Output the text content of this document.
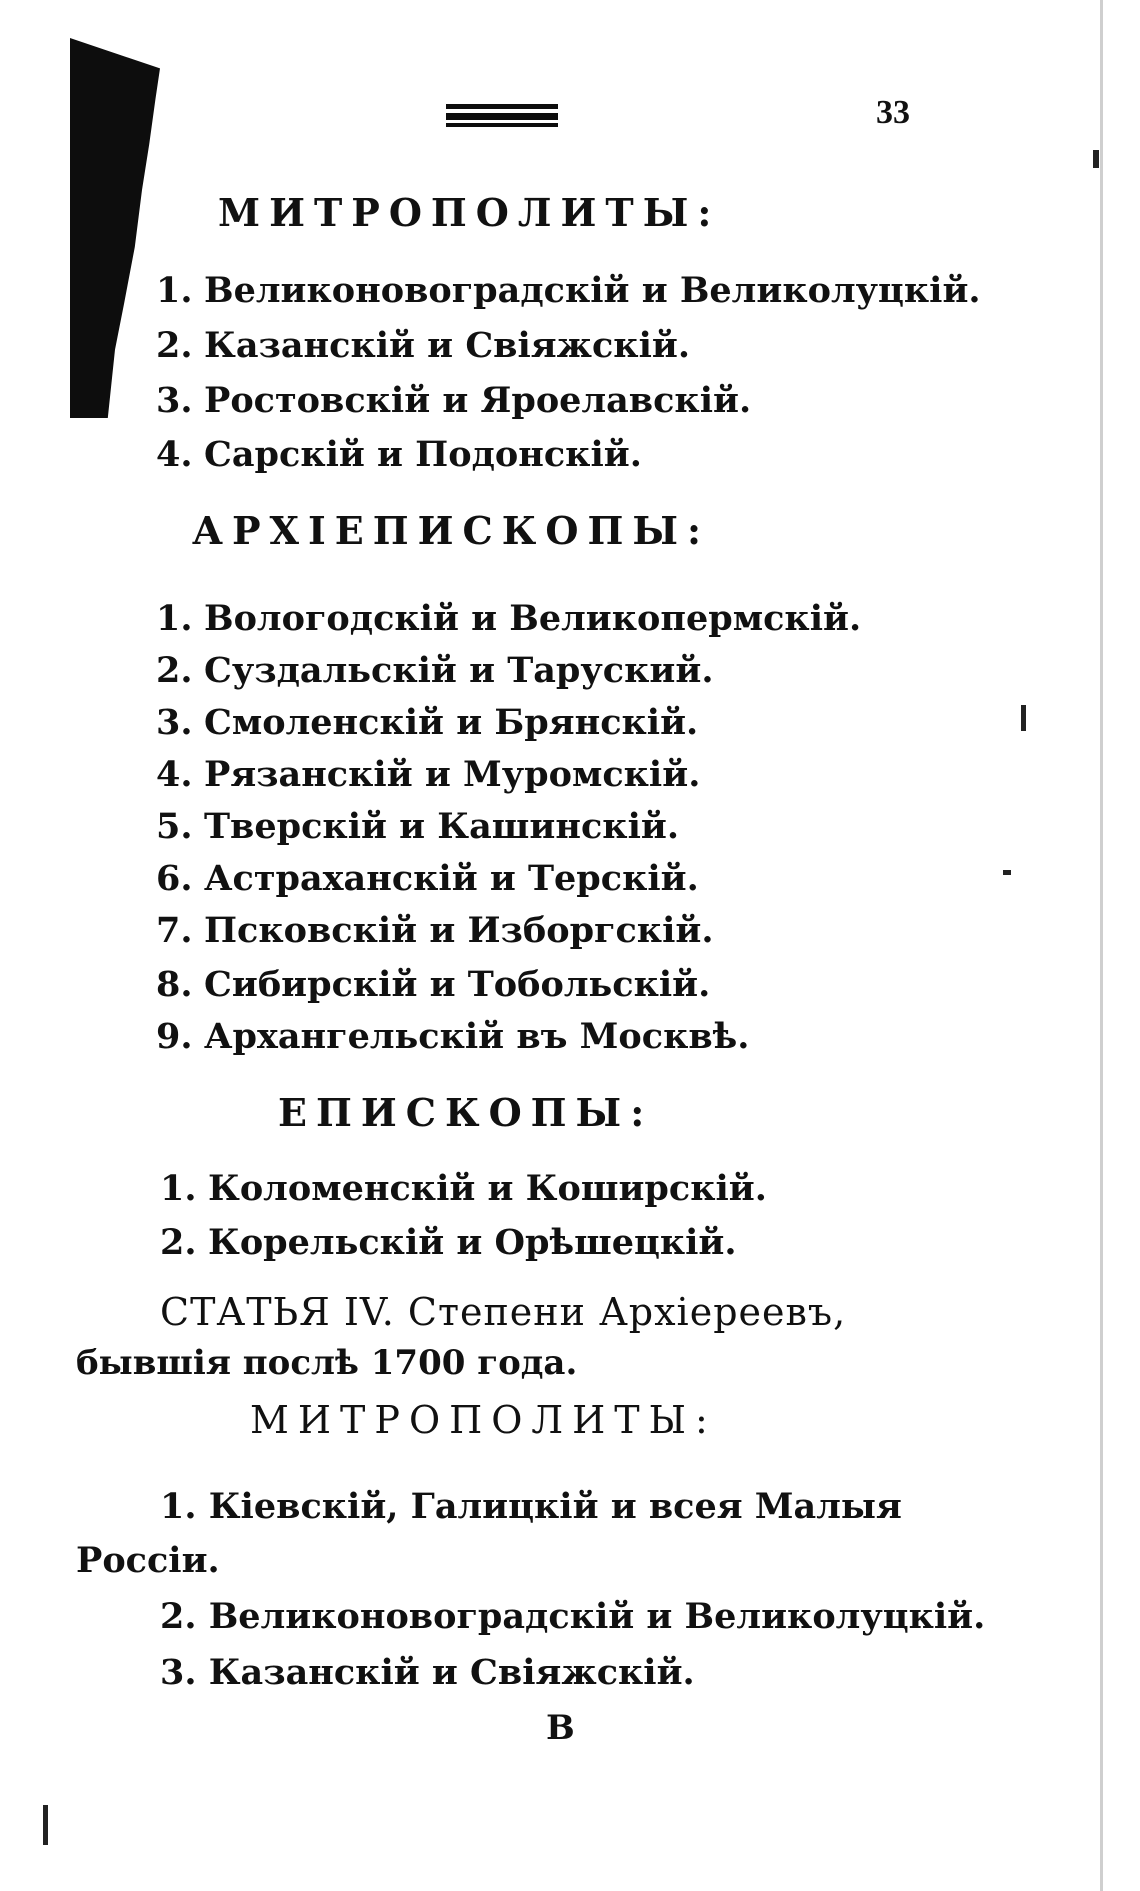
33
МИТРОПОЛИТЫ:
1. Великоновоградскій и Великолуцкій.
2. Казанскій и Свіяжскій.
3. Ростовскій и Яроелавскій.
4. Сарскій и Подонскій.
АРХІЕПИСКОПЫ:
1. Вологодскій и Великопермскій.
2. Суздальскій и Таруский.
3. Смоленскій и Брянскій.
4. Рязанскій и Муромскій.
5. Тверскій и Кашинскій.
6. Астраханскій и Терскій.
7. Псковскій и Изборгскій.
8. Сибирскій и Тобольскій.
9. Архангельскій въ Москвѣ.
ЕПИСКОПЫ:
1. Коломенскій и Коширскій.
2. Корельскій и Орѣшецкій.
СТАТЬЯ IV. Степени Архіереевъ,
бывшія послѣ 1700 года.
МИТРОПОЛИТЫ:
1. Кіевскій, Галицкій и всея Малыя
Россіи.
2. Великоновоградскій и Великолуцкій.
3. Казанскій и Свіяжскій.
В
